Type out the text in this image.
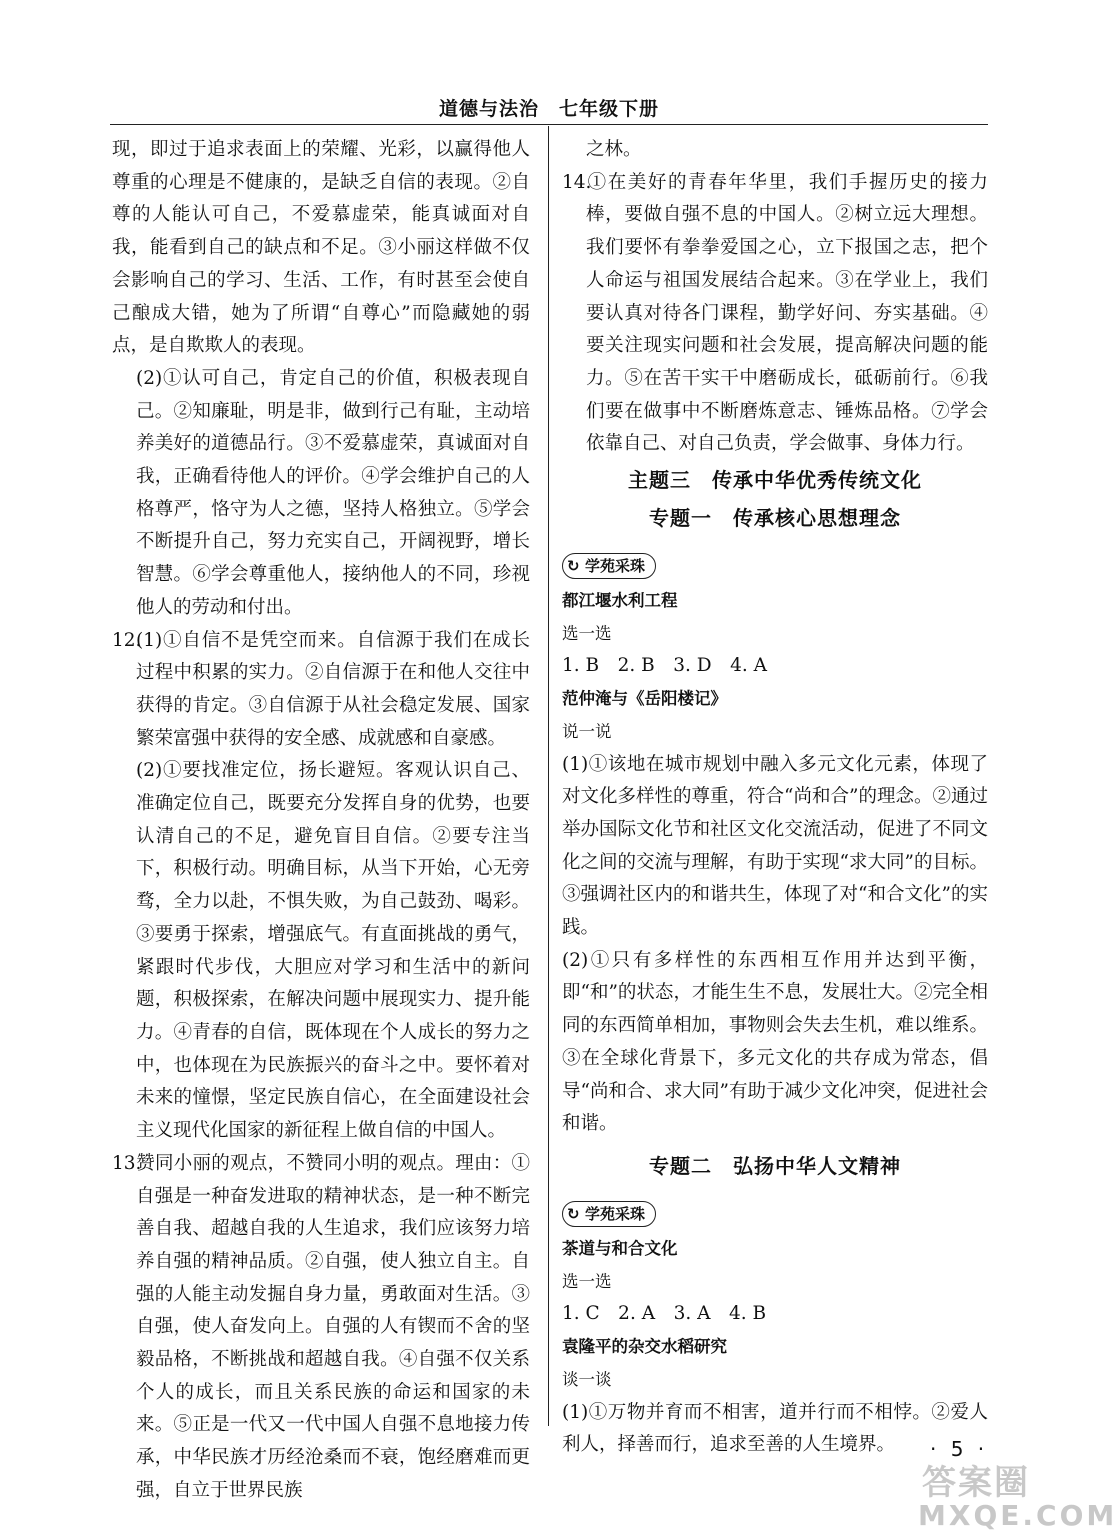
道德与法治　七年级下册

现，即过于追求表面上的荣耀、光彩，以赢得他人尊重的心理是不健康的，是缺乏自信的表现。②自尊的人能认可自己，不爱慕虚荣，能真诚面对自我，能看到自己的缺点和不足。③小丽这样做不仅会影响自己的学习、生活、工作，有时甚至会使自己酿成大错，她为了所谓“自尊心”而隐藏她的弱点，是自欺欺人的表现。

(2)①认可自己，肯定自己的价值，积极表现自己。②知廉耻，明是非，做到行己有耻，主动培养美好的道德品行。③不爱慕虚荣，真诚面对自我，正确看待他人的评价。④学会维护自己的人格尊严，恪守为人之德，坚持人格独立。⑤学会不断提升自己，努力充实自己，开阔视野，增长智慧。⑥学会尊重他人，接纳他人的不同，珍视他人的劳动和付出。

12.(1)①自信不是凭空而来。自信源于我们在成长过程中积累的实力。②自信源于在和他人交往中获得的肯定。③自信源于从社会稳定发展、国家繁荣富强中获得的安全感、成就感和自豪感。

(2)①要找准定位，扬长避短。客观认识自己、准确定位自己，既要充分发挥自身的优势，也要认清自己的不足，避免盲目自信。②要专注当下，积极行动。明确目标，从当下开始，心无旁骛，全力以赴，不惧失败，为自己鼓劲、喝彩。③要勇于探索，增强底气。有直面挑战的勇气，紧跟时代步伐，大胆应对学习和生活中的新问题，积极探索，在解决问题中展现实力、提升能力。④青春的自信，既体现在个人成长的努力之中，也体现在为民族振兴的奋斗之中。要怀着对未来的憧憬，坚定民族自信心，在全面建设社会主义现代化国家的新征程上做自信的中国人。

13.赞同小丽的观点，不赞同小明的观点。理由：①自强是一种奋发进取的精神状态，是一种不断完善自我、超越自我的人生追求，我们应该努力培养自强的精神品质。②自强，使人独立自主。自强的人能主动发掘自身力量，勇敢面对生活。③自强，使人奋发向上。自强的人有锲而不舍的坚毅品格，不断挑战和超越自我。④自强不仅关系个人的成长，而且关系民族的命运和国家的未来。⑤正是一代又一代中国人自强不息地接力传承，中华民族才历经沧桑而不衰，饱经磨难而更强，自立于世界民族

之林。

14.①在美好的青春年华里，我们手握历史的接力棒，要做自强不息的中国人。②树立远大理想。我们要怀有拳拳爱国之心，立下报国之志，把个人命运与祖国发展结合起来。③在学业上，我们要认真对待各门课程，勤学好问、夯实基础。④要关注现实问题和社会发展，提高解决问题的能力。⑤在苦干实干中磨砺成长，砥砺前行。⑥我们要在做事中不断磨炼意志、锤炼品格。⑦学会依靠自己、对自己负责，学会做事、身体力行。

主题三　传承中华优秀传统文化

专题一　传承核心思想理念

↻ 学苑采珠

都江堰水利工程

选一选

1. B　2. B　3. D　4. A

范仲淹与《岳阳楼记》

说一说

(1)①该地在城市规划中融入多元文化元素，体现了对文化多样性的尊重，符合“尚和合”的理念。②通过举办国际文化节和社区文化交流活动，促进了不同文化之间的交流与理解，有助于实现“求大同”的目标。③强调社区内的和谐共生，体现了对“和合文化”的实践。

(2)①只有多样性的东西相互作用并达到平衡，即“和”的状态，才能生生不息，发展壮大。②完全相同的东西简单相加，事物则会失去生机，难以维系。③在全球化背景下，多元文化的共存成为常态，倡导“尚和合、求大同”有助于减少文化冲突，促进社会和谐。

专题二　弘扬中华人文精神

↻ 学苑采珠

茶道与和合文化

选一选

1. C　2. A　3. A　4. B

袁隆平的杂交水稻研究

谈一谈

(1)①万物并育而不相害，道并行而不相悖。②爱人利人，择善而行，追求至善的人生境界。	· 5 ·
答案圈
MXQE.COM
